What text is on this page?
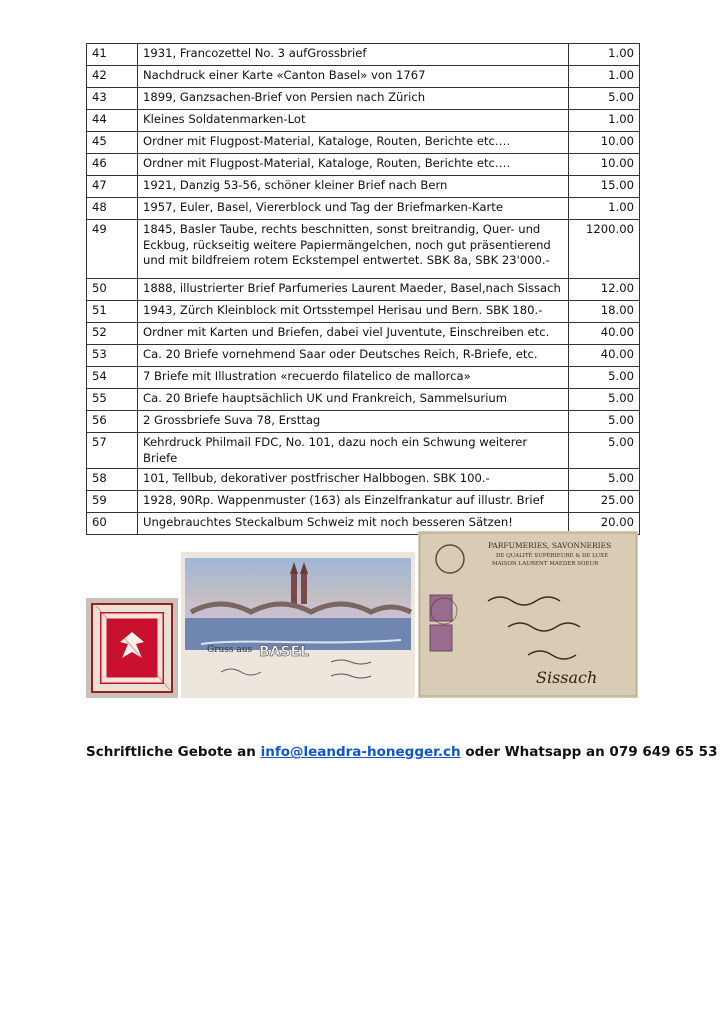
41	1931, Francozettel No. 3 aufGrossbrief	1.00
42	Nachdruck einer Karte «Canton Basel» von 1767	1.00
43	1899, Ganzsachen-Brief von Persien nach Zürich	5.00
44	Kleines Soldatenmarken-Lot	1.00
45	Ordner mit Flugpost-Material, Kataloge, Routen, Berichte etc….	10.00
46	Ordner mit Flugpost-Material, Kataloge, Routen, Berichte etc….	10.00
47	1921, Danzig 53-56, schöner kleiner Brief nach Bern	15.00
48	1957, Euler, Basel, Viererblock und Tag der Briefmarken-Karte	1.00
49	1845, Basler Taube, rechts beschnitten, sonst breitrandig, Quer- und Eckbug, rückseitig weitere Papiermängelchen, noch gut präsentierend und mit bildfreiem rotem Eckstempel entwertet. SBK 8a, SBK 23'000.-	1200.00
50	1888, illustrierter Brief Parfumeries Laurent Maeder, Basel,nach Sissach	12.00
51	1943, Zürch Kleinblock mit Ortsstempel Herisau und Bern. SBK 180.-	18.00
52	Ordner mit Karten und Briefen, dabei viel Juventute, Einschreiben etc.	40.00
53	Ca. 20 Briefe vornehmend Saar oder Deutsches Reich, R-Briefe, etc.	40.00
54	7 Briefe mit Illustration «recuerdo filatelico de mallorca»	5.00
55	Ca. 20 Briefe hauptsächlich UK und Frankreich, Sammelsurium	5.00
56	2 Grossbriefe Suva 78, Ersttag	5.00
57	Kehrdruck Philmail FDC, No. 101, dazu noch ein Schwung weiterer Briefe	5.00
58	101, Tellbub, dekorativer postfrischer Halbbogen. SBK 100.-	5.00
59	1928, 90Rp. Wappenmuster (163) als Einzelfrankatur auf illustr. Brief	25.00
60	Ungebrauchtes Steckalbum Schweiz mit noch besseren Sätzen!	20.00
Gruss aus BASEL
PARFUMERIES, SAVONNERIES
DE QUALITÉ SUPÉRIEURE & DE LUXE
MAISON LAURENT MAEDER SOEUR
Sissach
Schriftliche Gebote an info@leandra-honegger.ch oder Whatsapp an 079 649 65 53
